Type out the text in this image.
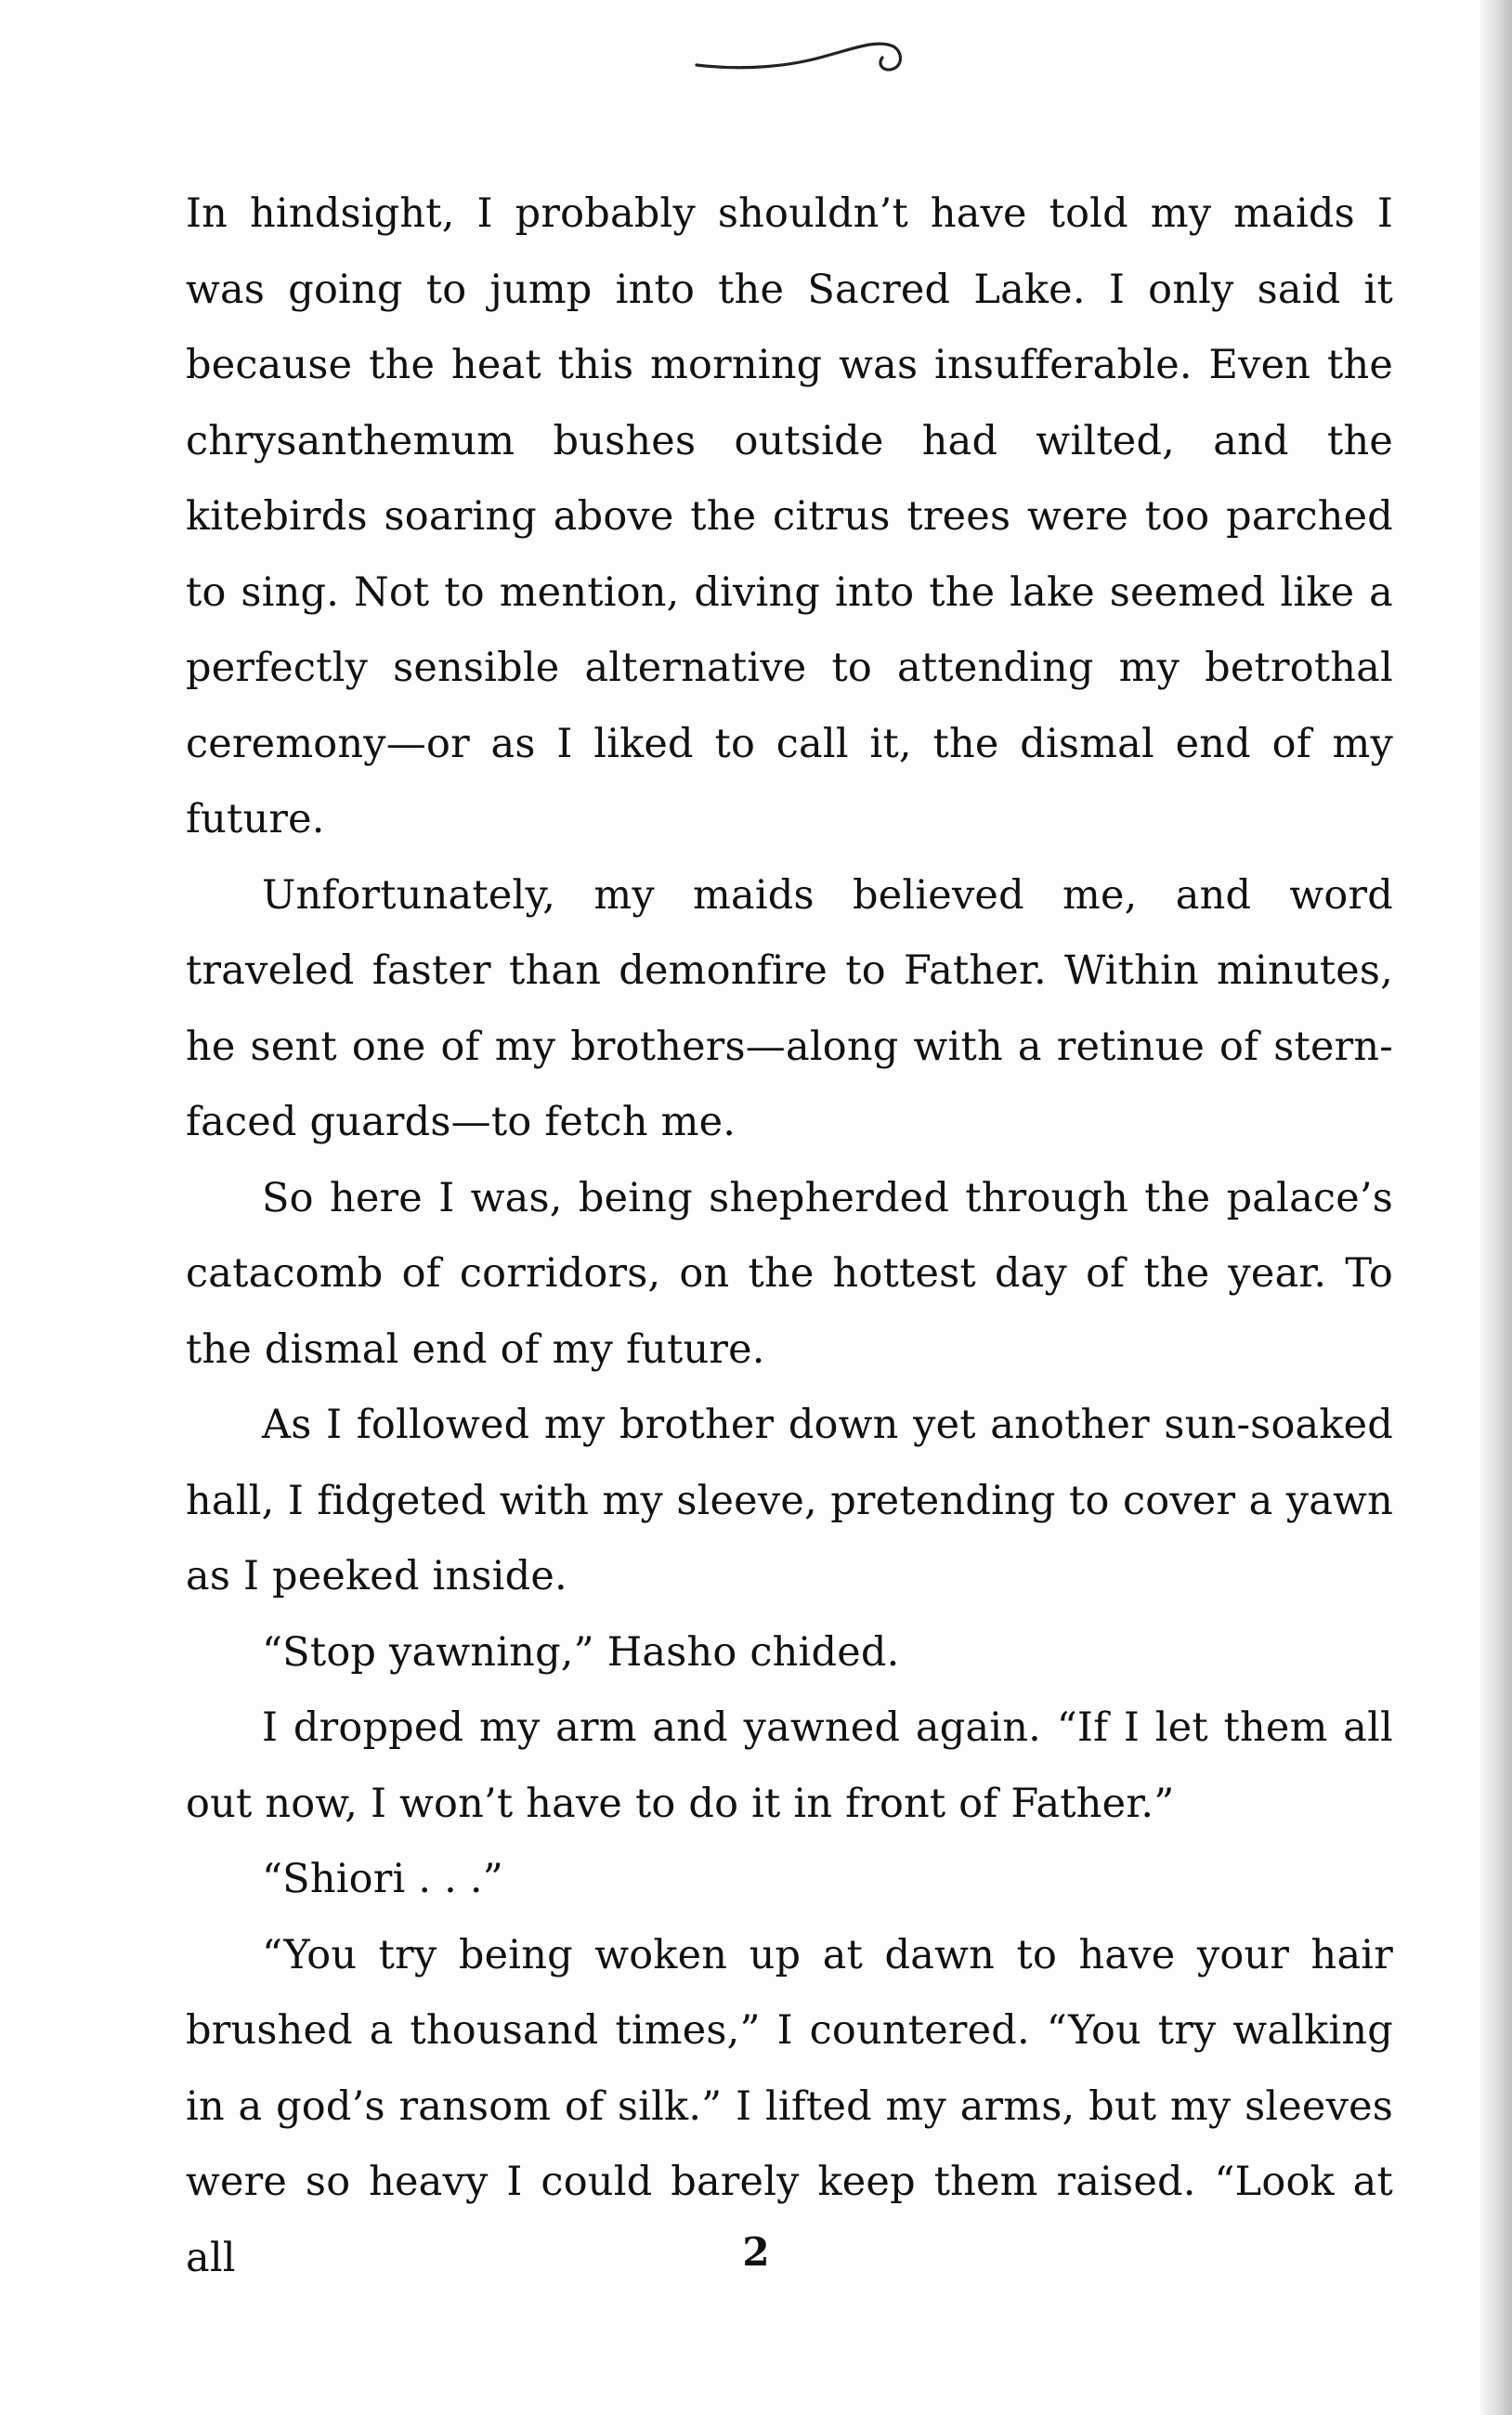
In hindsight, I probably shouldn’t have told my maids I was going to jump into the Sacred Lake. I only said it because the heat this morning was insufferable. Even the chrysanthemum bushes outside had wilted, and the kitebirds soaring above the citrus trees were too parched to sing. Not to mention, diving into the lake seemed like a perfectly sensible alternative to attending my betrothal ceremony—or as I liked to call it, the dismal end of my future.

Unfortunately, my maids believed me, and word traveled faster than demonfire to Father. Within minutes, he sent one of my brothers—along with a retinue of stern-faced guards—to fetch me.

So here I was, being shepherded through the palace’s catacomb of corridors, on the hottest day of the year. To the dismal end of my future.

As I followed my brother down yet another sun-soaked hall, I fidgeted with my sleeve, pretending to cover a yawn as I peeked inside.

“Stop yawning,” Hasho chided.

I dropped my arm and yawned again. “If I let them all out now, I won’t have to do it in front of Father.”

“Shiori . . .”

“You try being woken up at dawn to have your hair brushed a thousand times,” I countered. “You try walking in a god’s ransom of silk.” I lifted my arms, but my sleeves were so heavy I could barely keep them raised. “Look at all	2
